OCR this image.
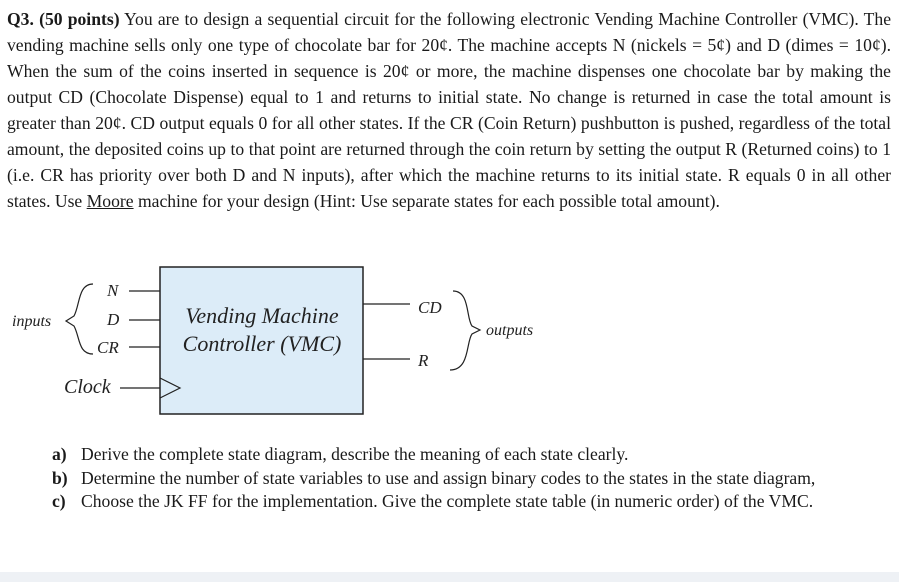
Q3. (50 points) You are to design a sequential circuit for the following electronic Vending Machine Controller (VMC). The vending machine sells only one type of chocolate bar for 20¢. The machine accepts N (nickels = 5¢) and D (dimes = 10¢). When the sum of the coins inserted in sequence is 20¢ or more, the machine dispenses one chocolate bar by making the output CD (Chocolate Dispense) equal to 1 and returns to initial state. No change is returned in case the total amount is greater than 20¢. CD output equals 0 for all other states. If the CR (Coin Return) pushbutton is pushed, regardless of the total amount, the deposited coins up to that point are returned through the coin return by setting the output R (Returned coins) to 1 (i.e. CR has priority over both D and N inputs), after which the machine returns to its initial state. R equals 0 in all other states. Use Moore machine for your design (Hint: Use separate states for each possible total amount).

inputs
N
D
CR
Vending Machine
Controller (VMC)
Clock
CD
R
outputs
a) Derive the complete state diagram, describe the meaning of each state clearly.
b) Determine the number of state variables to use and assign binary codes to the states in the state diagram,
c) Choose the JK FF for the implementation. Give the complete state table (in numeric order) of the VMC.
